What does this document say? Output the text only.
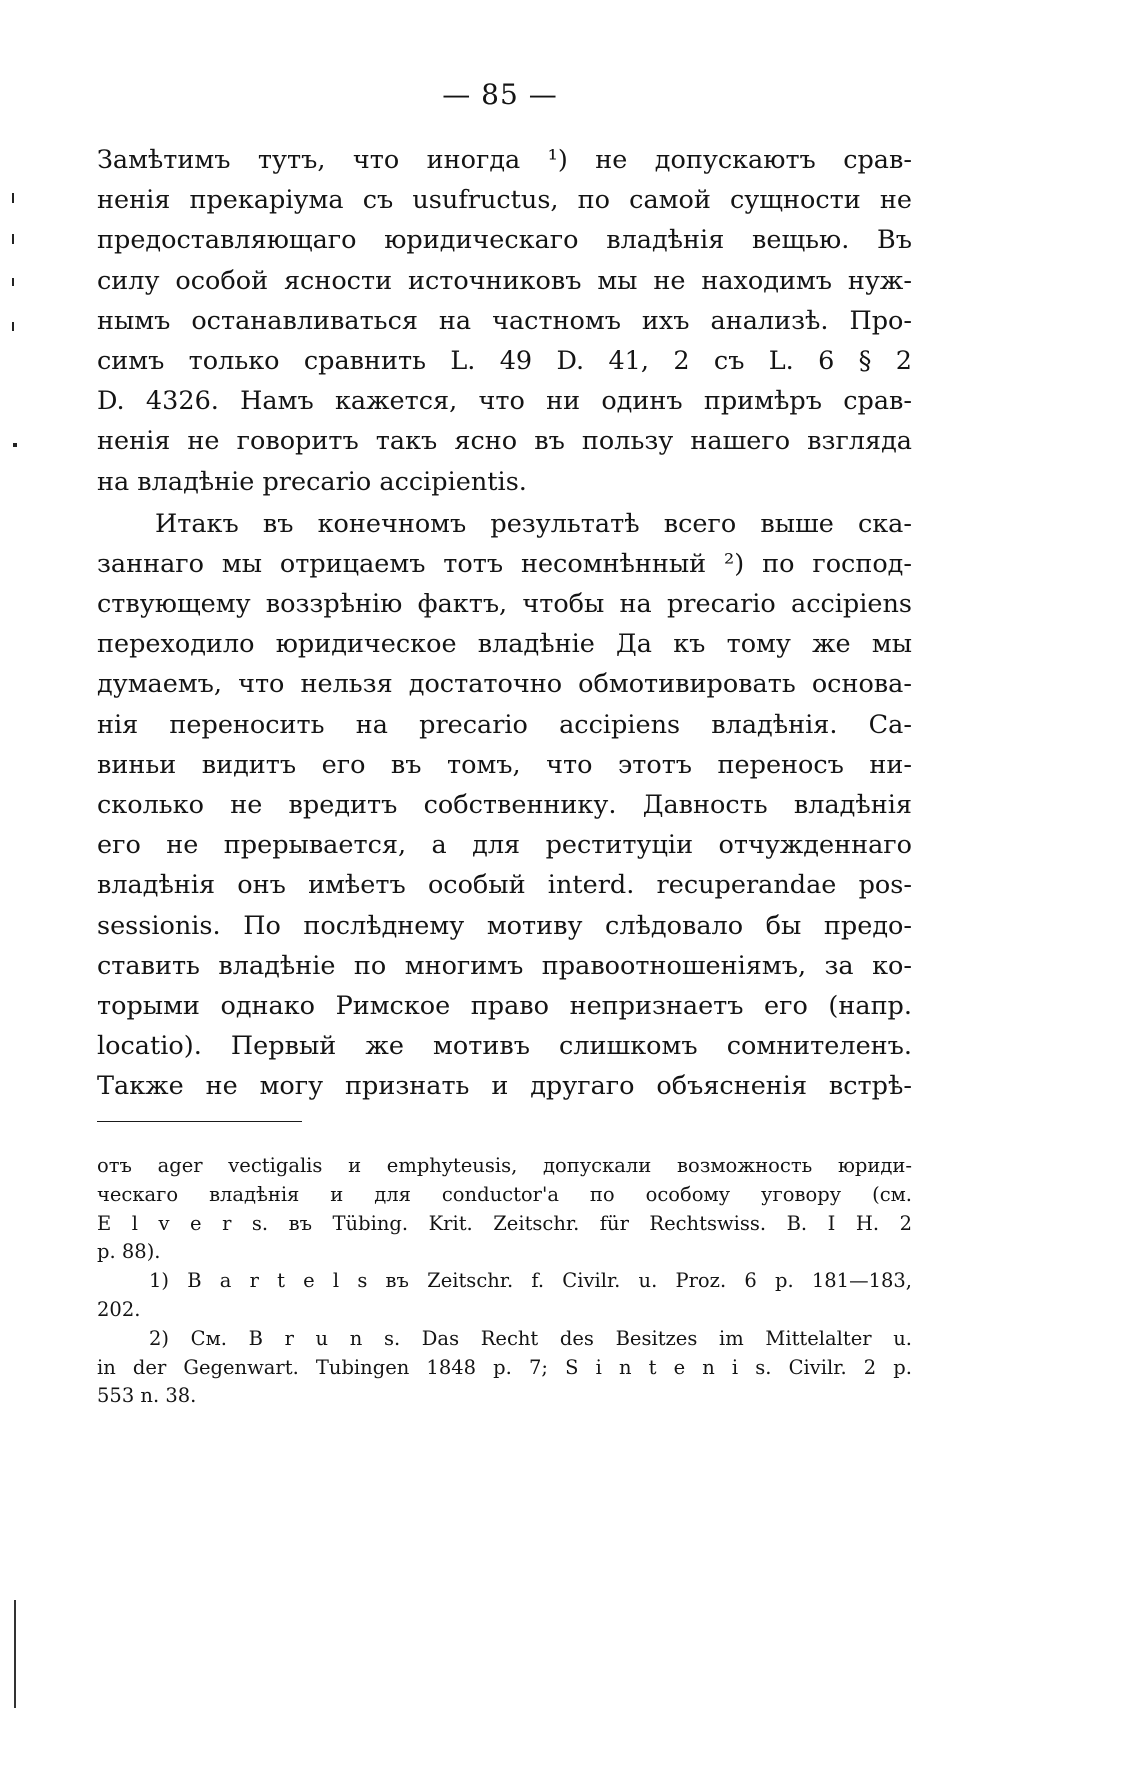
— 85 —
Замѣтимъ тутъ, что иногда ¹) не допускаютъ срав-
ненія прекаріума съ usufructus, по самой сущности не
предоставляющаго юридическаго владѣнія вещью. Въ
силу особой ясности источниковъ мы не находимъ нуж-
нымъ останавливаться на частномъ ихъ анализѣ. Про-
симъ только сравнить L. 49 D. 41, 2 съ L. 6 § 2
D. 4326. Намъ кажется, что ни одинъ примѣръ срав-
ненія не говоритъ такъ ясно въ пользу нашего взгляда
на владѣніе precario accipientis.
Итакъ въ конечномъ результатѣ всего выше ска-
заннаго мы отрицаемъ тотъ несомнѣнный ²) по господ-
ствующему воззрѣнію фактъ, чтобы на precario accipiens
переходило юридическое владѣніе Да къ тому же мы
думаемъ, что нельзя достаточно обмотивировать основа-
нія переносить на precario accipiens владѣнія. Са-
виньи видитъ его въ томъ, что этотъ переносъ ни-
сколько не вредитъ собственнику. Давность владѣнія
его не прерывается, а для реституціи отчужденнаго
владѣнія онъ имѣетъ особый interd. recuperandae pos-
sessionis. По послѣднему мотиву слѣдовало бы предо-
ставить владѣніе по многимъ правоотношеніямъ, за ко-
торыми однако Римское право непризнаетъ его (напр.
locatio). Первый же мотивъ слишкомъ сомнителенъ.
Также не могу признать и другаго объясненія встрѣ-
отъ ager vectigalis и emphyteusis, допускали возможность юриди-
ческаго владѣнія и для conductor'а по особому уговору (см.
E l v e r s. въ Tübing. Krit. Zeitschr. für Rechtswiss. B. I H. 2
p. 88).
1) B a r t e l s въ Zeitschr. f. Civilr. u. Proz. 6 p. 181—183,
202.
2) См. B r u n s. Das Recht des Besitzes im Mittelalter u.
in der Gegenwart. Tubingen 1848 p. 7; S i n t e n i s. Civilr. 2 p.
553 n. 38.
